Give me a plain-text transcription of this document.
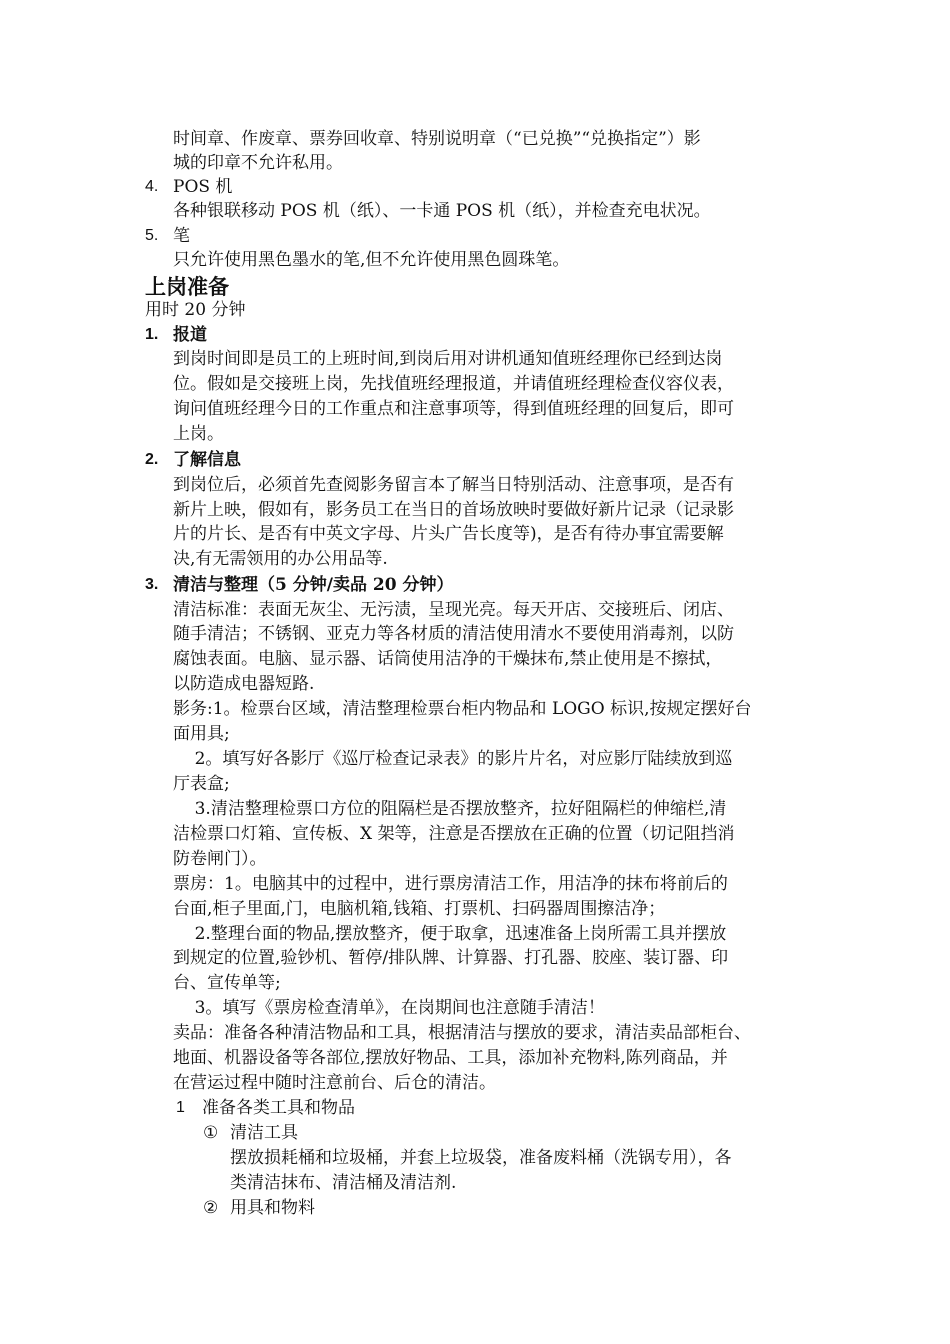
时间章、作废章、票券回收章、特别说明章（“已兑换”“兑换指定”）影
城的印章不允许私用。
4. POS 机
各种银联移动 POS 机（纸）、一卡通 POS 机（纸），并检查充电状况。
5. 笔
只允许使用黑色墨水的笔,但不允许使用黑色圆珠笔。
上岗准备
用时 20 分钟
1. 报道
到岗时间即是员工的上班时间,到岗后用对讲机通知值班经理你已经到达岗
位。假如是交接班上岗，先找值班经理报道，并请值班经理检查仪容仪表，
询问值班经理今日的工作重点和注意事项等，得到值班经理的回复后，即可
上岗。
2. 了解信息
到岗位后，必须首先查阅影务留言本了解当日特别活动、注意事项，是否有
新片上映，假如有，影务员工在当日的首场放映时要做好新片记录（记录影
片的片长、是否有中英文字母、片头广告长度等)，是否有待办事宜需要解
决,有无需领用的办公用品等.
3. 清洁与整理（5 分钟/卖品 20 分钟）
清洁标准：表面无灰尘、无污渍，呈现光亮。每天开店、交接班后、闭店、
随手清洁；不锈钢、亚克力等各材质的清洁使用清水不要使用消毒剂，以防
腐蚀表面。电脑、显示器、话筒使用洁净的干燥抹布,禁止使用是不擦拭，
以防造成电器短路.
影务:1。检票台区域，清洁整理检票台柜内物品和 LOGO 标识,按规定摆好台
面用具;
2。填写好各影厅《巡厅检查记录表》的影片片名，对应影厅陆续放到巡
厅表盒;
3.清洁整理检票口方位的阻隔栏是否摆放整齐，拉好阻隔栏的伸缩栏,清
洁检票口灯箱、宣传板、X 架等，注意是否摆放在正确的位置（切记阻挡消
防卷闸门）。
票房：1。电脑其中的过程中，进行票房清洁工作，用洁净的抹布将前后的
台面,柜子里面,门，电脑机箱,钱箱、打票机、扫码器周围擦洁净；
2.整理台面的物品,摆放整齐，便于取拿，迅速准备上岗所需工具并摆放
到规定的位置,验钞机、暂停/排队牌、计算器、打孔器、胶座、装订器、印
台、宣传单等;
3。填写《票房检查清单》，在岗期间也注意随手清洁！
卖品：准备各种清洁物品和工具，根据清洁与摆放的要求，清洁卖品部柜台、
地面、机器设备等各部位,摆放好物品、工具，添加补充物料,陈列商品，并
在营运过程中随时注意前台、后仓的清洁。
1 准备各类工具和物品
① 清洁工具
摆放损耗桶和垃圾桶，并套上垃圾袋，准备废料桶（洗锅专用），各
类清洁抹布、清洁桶及清洁剂.
② 用具和物料
